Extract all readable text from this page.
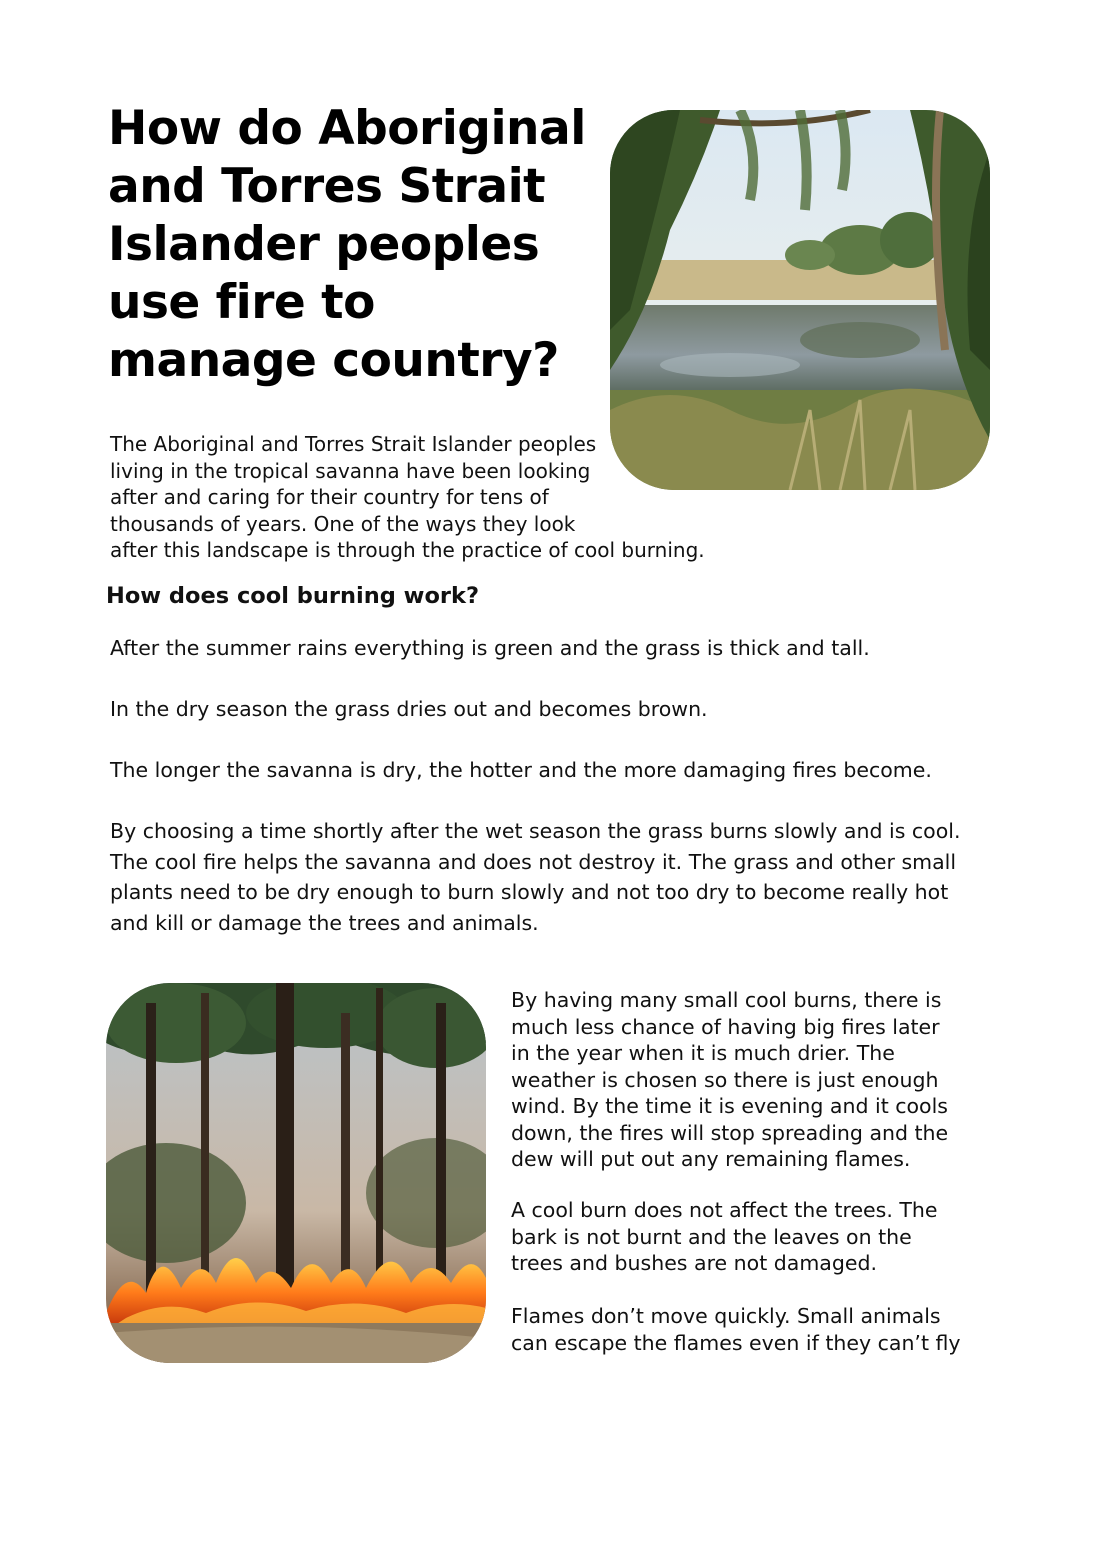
How do Aboriginal
and Torres Strait
Islander peoples
use fire to
manage country?

The Aboriginal and Torres Strait Islander peoples
living in the tropical savanna have been looking
after and caring for their country for tens of
thousands of years. One of the ways they look
after this landscape is through the practice of cool burning.

How does cool burning work?

After the summer rains everything is green and the grass is thick and tall.

In the dry season the grass dries out and becomes brown.

The longer the savanna is dry, the hotter and the more damaging fires become.

By choosing a time shortly after the wet season the grass burns slowly and is cool.
The cool fire helps the savanna and does not destroy it. The grass and other small
plants need to be dry enough to burn slowly and not too dry to become really hot
and kill or damage the trees and animals.

By having many small cool burns, there is
much less chance of having big fires later
in the year when it is much drier. The
weather is chosen so there is just enough
wind. By the time it is evening and it cools
down, the fires will stop spreading and the
dew will put out any remaining flames.

A cool burn does not affect the trees. The
bark is not burnt and the leaves on the
trees and bushes are not damaged.

Flames don’t move quickly. Small animals
can escape the flames even if they can’t fly
